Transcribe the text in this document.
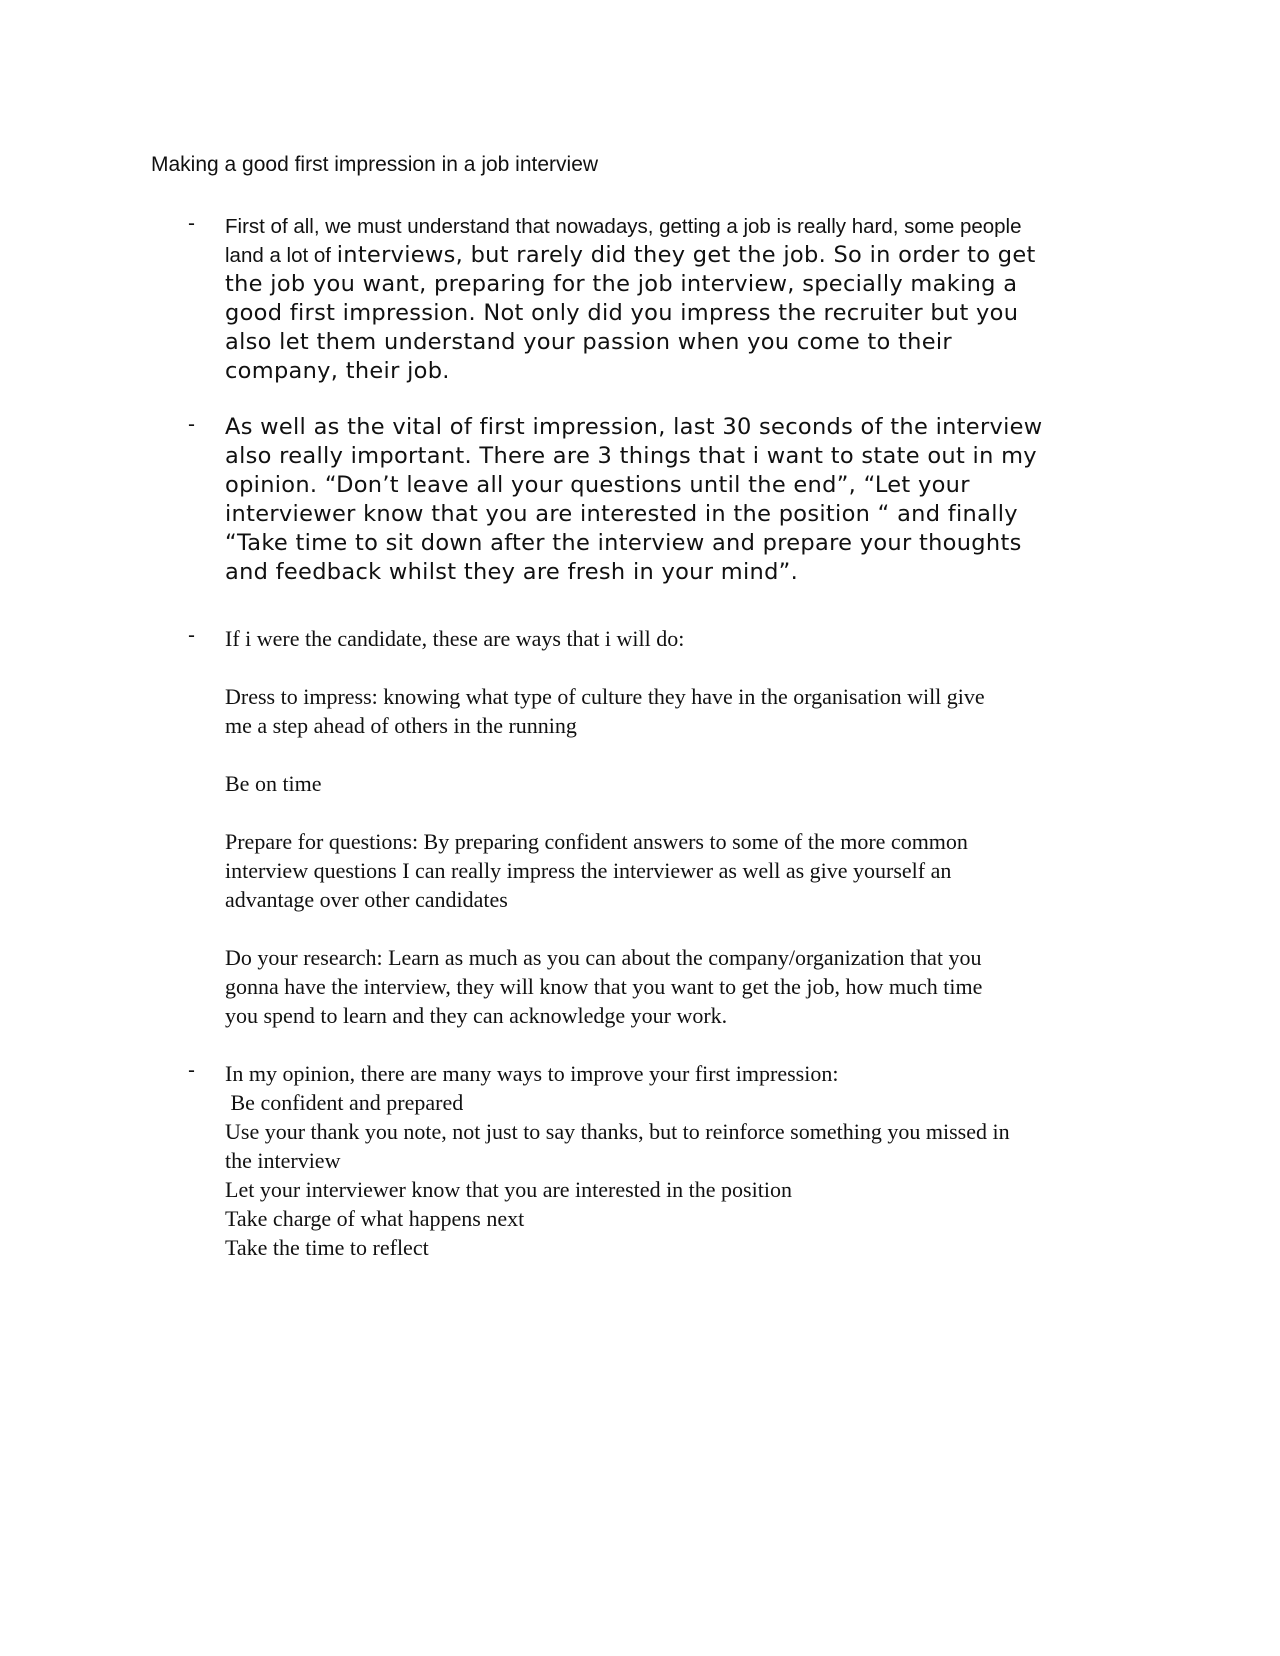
Making a good first impression in a job interview
- First of all, we must understand that nowadays, getting a job is really hard, some people
land a lot of interviews, but rarely did they get the job. So in order to get
the job you want, preparing for the job interview, specially making a
good first impression. Not only did you impress the recruiter but you
also let them understand your passion when you come to their
company, their job.
- As well as the vital of first impression, last 30 seconds of the interview
also really important. There are 3 things that i want to state out in my
opinion. “Don’t leave all your questions until the end”, “Let your
interviewer know that you are interested in the position “ and finally
“Take time to sit down after the interview and prepare your thoughts
and feedback whilst they are fresh in your mind”.
- If i were the candidate, these are ways that i will do:
Dress to impress: knowing what type of culture they have in the organisation will give
me a step ahead of others in the running
Be on time
Prepare for questions: By preparing confident answers to some of the more common
interview questions I can really impress the interviewer as well as give yourself an
advantage over other candidates
Do your research: Learn as much as you can about the company/organization that you
gonna have the interview, they will know that you want to get the job, how much time
you spend to learn and they can acknowledge your work.
- In my opinion, there are many ways to improve your first impression:
Be confident and prepared
Use your thank you note, not just to say thanks, but to reinforce something you missed in
the interview
Let your interviewer know that you are interested in the position
Take charge of what happens next
Take the time to reflect
